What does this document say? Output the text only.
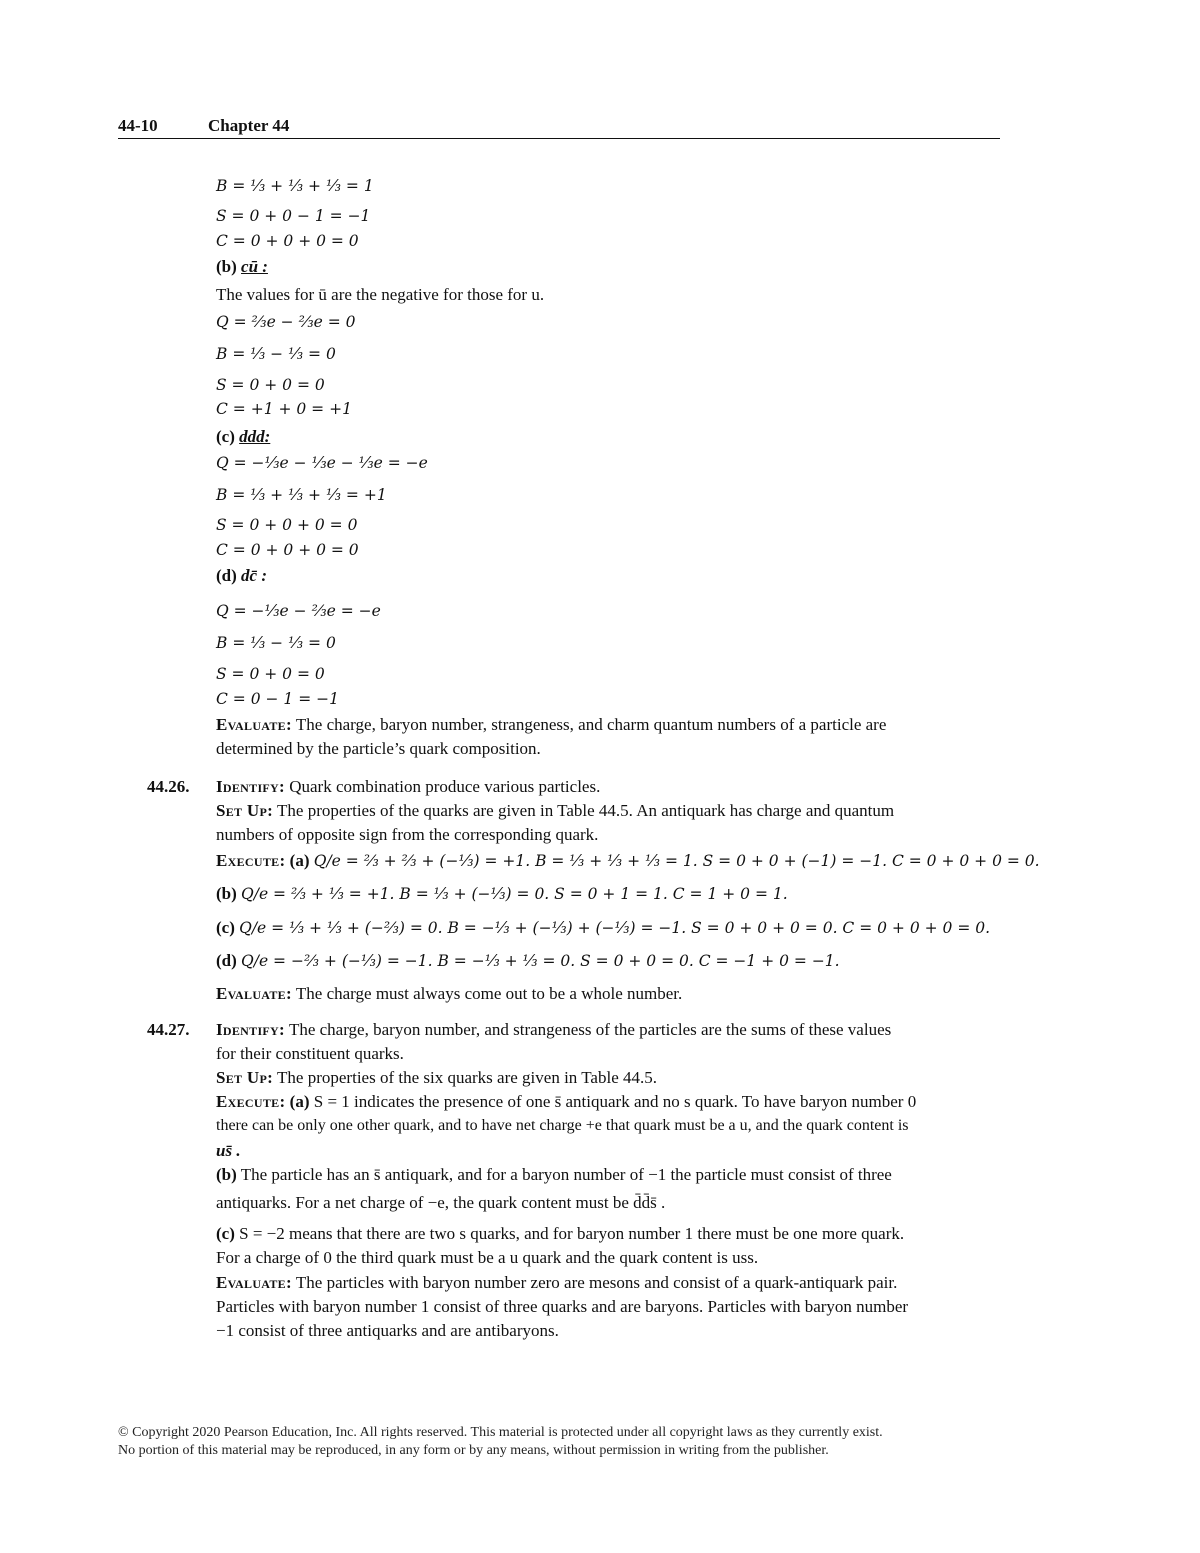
44-10	Chapter 44
B = ⅓ + ⅓ + ⅓ = 1
S = 0 + 0 − 1 = −1
C = 0 + 0 + 0 = 0
(b) cū :
The values for ū are the negative for those for u.
Q = ⅔e − ⅔e = 0
B = ⅓ − ⅓ = 0
S = 0 + 0 = 0
C = +1 + 0 = +1
(c) ddd:
Q = −⅓e − ⅓e − ⅓e = −e
B = ⅓ + ⅓ + ⅓ = +1
S = 0 + 0 + 0 = 0
C = 0 + 0 + 0 = 0
(d) dc̄ :
Q = −⅓e − ⅔e = −e
B = ⅓ − ⅓ = 0
S = 0 + 0 = 0
C = 0 − 1 = −1
Evaluate: The charge, baryon number, strangeness, and charm quantum numbers of a particle are
determined by the particle’s quark composition.
44.26. Identify: Quark combination produce various particles.
Set Up: The properties of the quarks are given in Table 44.5. An antiquark has charge and quantum
numbers of opposite sign from the corresponding quark.
Execute: (a) Q/e = ⅔ + ⅔ + (−⅓) = +1. B = ⅓ + ⅓ + ⅓ = 1. S = 0 + 0 + (−1) = −1. C = 0 + 0 + 0 = 0.
(b) Q/e = ⅔ + ⅓ = +1. B = ⅓ + (−⅓) = 0. S = 0 + 1 = 1. C = 1 + 0 = 1.
(c) Q/e = ⅓ + ⅓ + (−⅔) = 0. B = −⅓ + (−⅓) + (−⅓) = −1. S = 0 + 0 + 0 = 0. C = 0 + 0 + 0 = 0.
(d) Q/e = −⅔ + (−⅓) = −1. B = −⅓ + ⅓ = 0. S = 0 + 0 = 0. C = −1 + 0 = −1.
Evaluate: The charge must always come out to be a whole number.
44.27. Identify: The charge, baryon number, and strangeness of the particles are the sums of these values
for their constituent quarks.
Set Up: The properties of the six quarks are given in Table 44.5.
Execute: (a) S = 1 indicates the presence of one s̄ antiquark and no s quark. To have baryon number 0
there can be only one other quark, and to have net charge +e that quark must be a u, and the quark content is
us̄ .
(b) The particle has an s̄ antiquark, and for a baryon number of −1 the particle must consist of three
antiquarks. For a net charge of −e, the quark content must be d̄d̄s̄ .
(c) S = −2 means that there are two s quarks, and for baryon number 1 there must be one more quark.
For a charge of 0 the third quark must be a u quark and the quark content is uss.
Evaluate: The particles with baryon number zero are mesons and consist of a quark-antiquark pair.
Particles with baryon number 1 consist of three quarks and are baryons. Particles with baryon number
−1 consist of three antiquarks and are antibaryons.
© Copyright 2020 Pearson Education, Inc. All rights reserved. This material is protected under all copyright laws as they currently exist.
No portion of this material may be reproduced, in any form or by any means, without permission in writing from the publisher.
